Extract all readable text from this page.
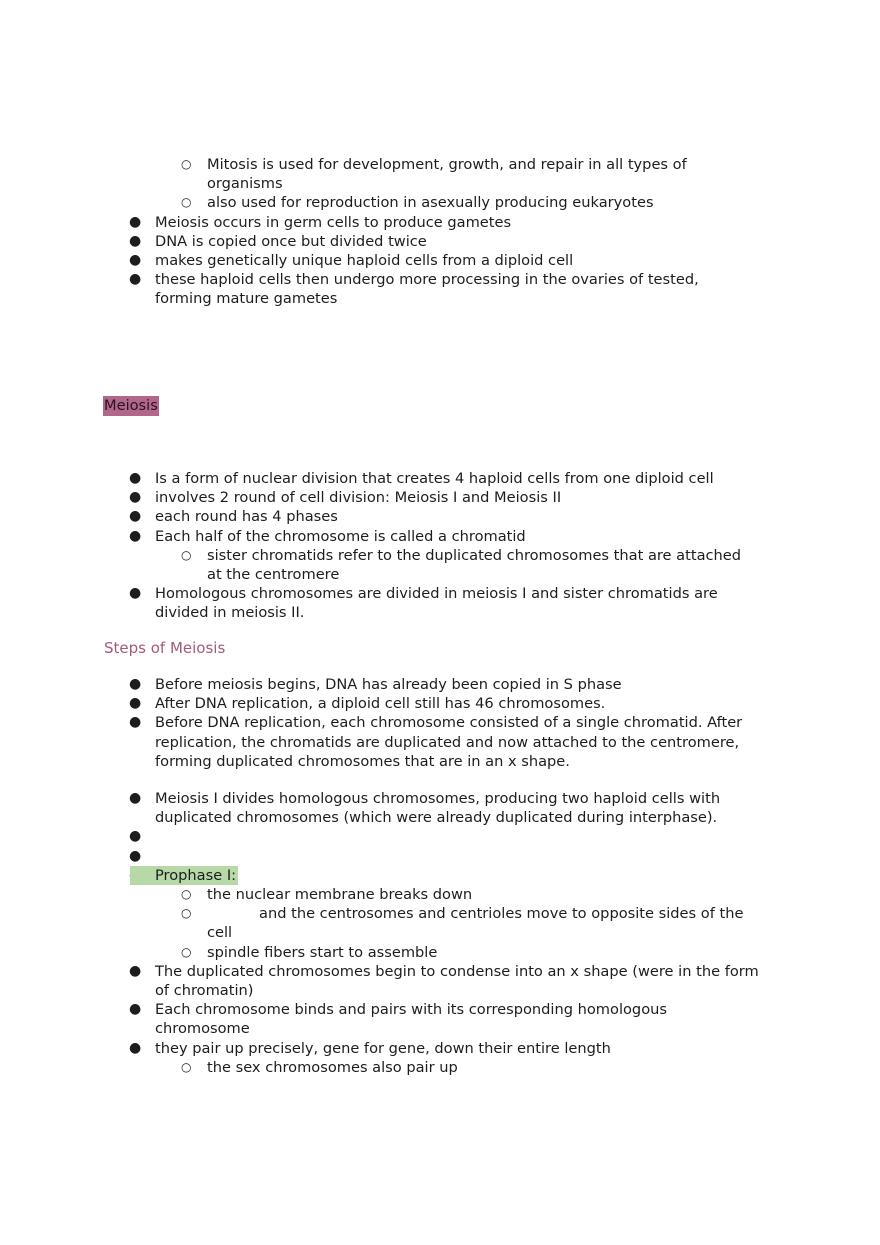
○ Mitosis is used for development, growth, and repair in all types of
organisms
○ also used for reproduction in asexually producing eukaryotes
● Meiosis occurs in germ cells to produce gametes
● DNA is copied once but divided twice
● makes genetically unique haploid cells from a diploid cell
● these haploid cells then undergo more processing in the ovaries of tested,
forming mature gametes
Meiosis
● Is a form of nuclear division that creates 4 haploid cells from one diploid cell
● involves 2 round of cell division: Meiosis I and Meiosis II
● each round has 4 phases
● Each half of the chromosome is called a chromatid
○ sister chromatids refer to the duplicated chromosomes that are attached
at the centromere
● Homologous chromosomes are divided in meiosis I and sister chromatids are
divided in meiosis II.
Steps of Meiosis
● Before meiosis begins, DNA has already been copied in S phase
● After DNA replication, a diploid cell still has 46 chromosomes.
● Before DNA replication, each chromosome consisted of a single chromatid. After
replication, the chromatids are duplicated and now attached to the centromere,
forming duplicated chromosomes that are in an x shape.
● Meiosis I divides homologous chromosomes, producing two haploid cells with
duplicated chromosomes (which were already duplicated during interphase).
●
●
Prophase I:
○ the nuclear membrane breaks down
○	and the centrosomes and centrioles move to opposite sides of the
cell
○ spindle fibers start to assemble
● The duplicated chromosomes begin to condense into an x shape (were in the form
of chromatin)
● Each chromosome binds and pairs with its corresponding homologous
chromosome
● they pair up precisely, gene for gene, down their entire length
○ the sex chromosomes also pair up
